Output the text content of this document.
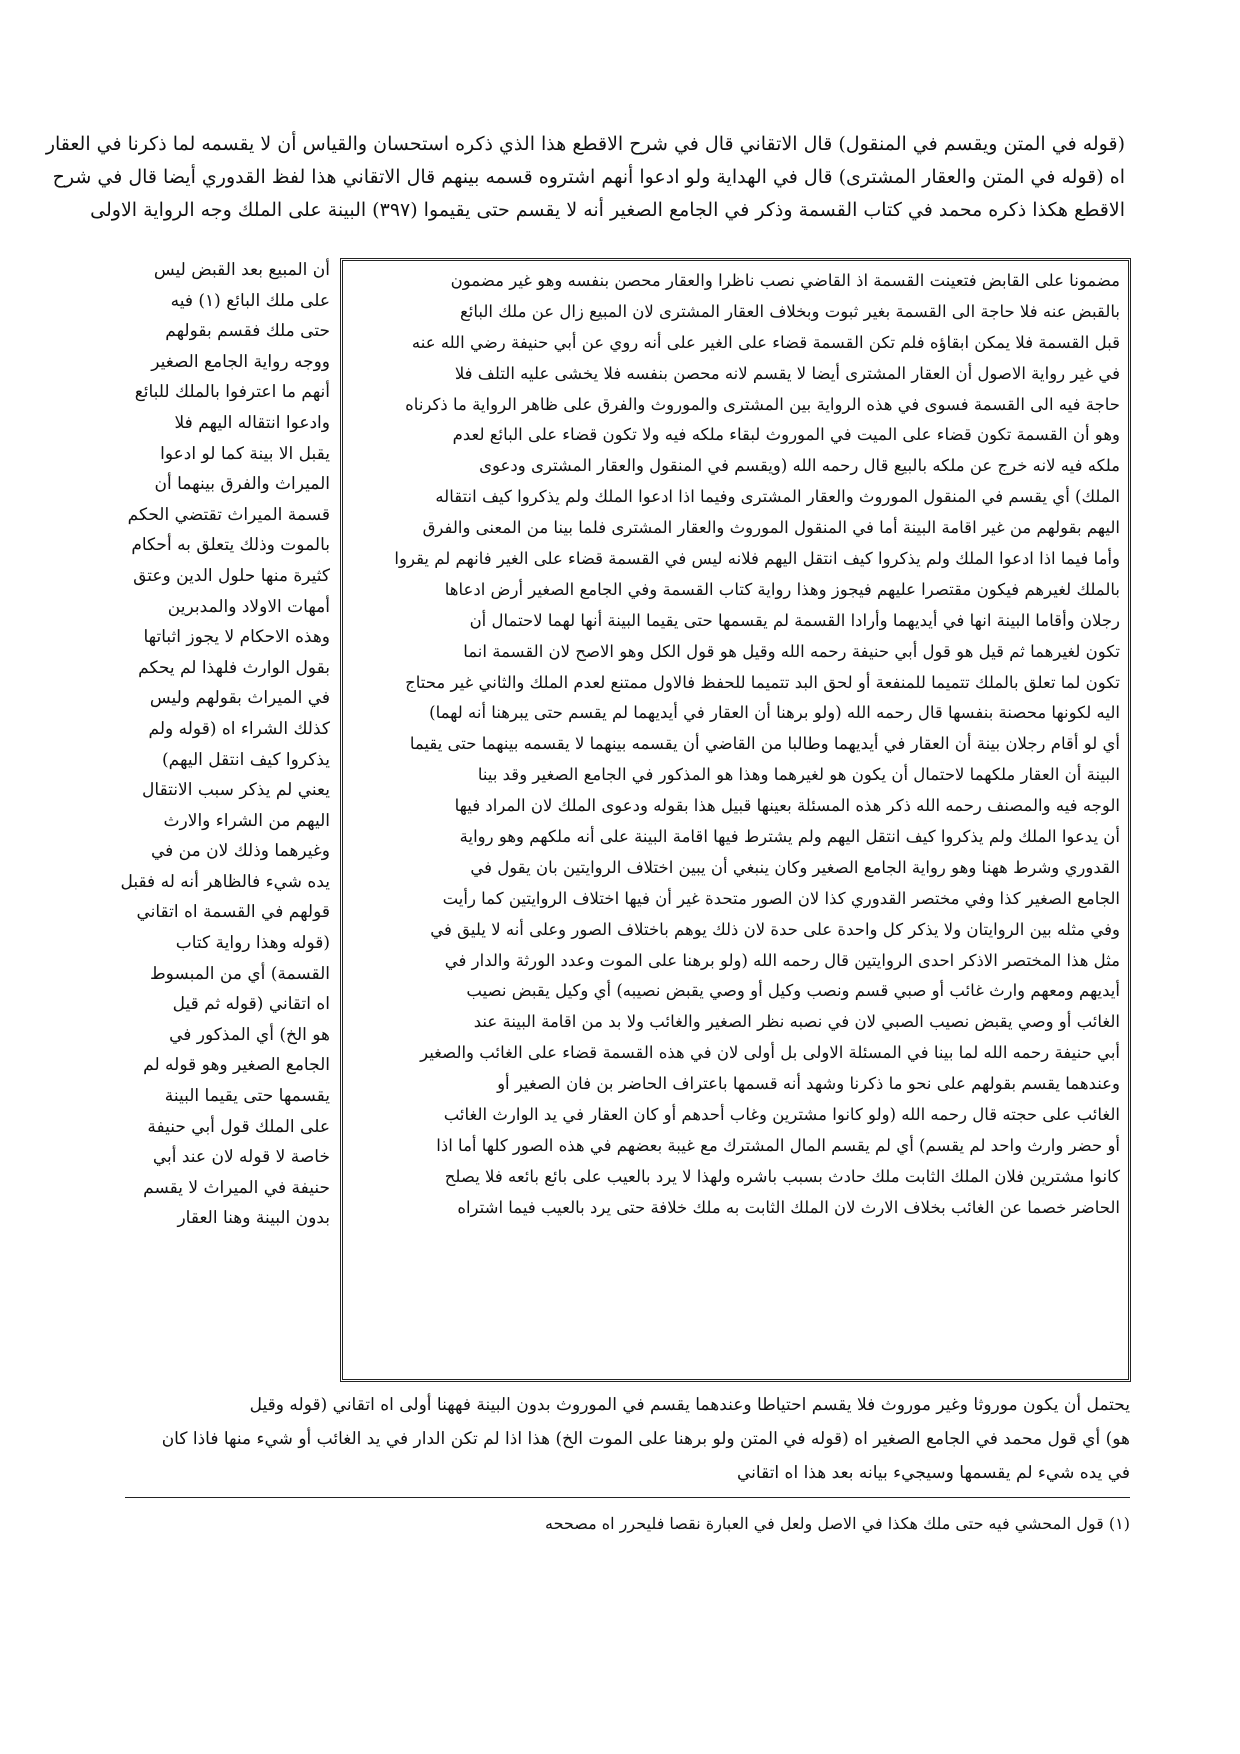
(قوله في المتن ويقسم في المنقول) قال الاتقاني قال في شرح الاقطع هذا الذي ذكره استحسان والقياس أن لا يقسمه لما ذكرنا في العقار
اه (قوله في المتن والعقار المشترى) قال في الهداية ولو ادعوا أنهم اشتروه قسمه بينهم قال الاتقاني هذا لفظ القدوري أيضا قال في شرح
الاقطع هكذا ذكره محمد في كتاب القسمة وذكر في الجامع الصغير أنه لا يقسم حتى يقيموا (٣٩٧) البينة على الملك وجه الرواية الاولى
مضمونا على القابض فتعينت القسمة اذ القاضي نصب ناظرا والعقار محصن بنفسه وهو غير مضمون
بالقبض عنه فلا حاجة الى القسمة بغير ثبوت وبخلاف العقار المشترى لان المبيع زال عن ملك البائع
قبل القسمة فلا يمكن ابقاؤه فلم تكن القسمة قضاء على الغير على أنه روي عن أبي حنيفة رضي الله عنه
في غير رواية الاصول أن العقار المشترى أيضا لا يقسم لانه محصن بنفسه فلا يخشى عليه التلف فلا
حاجة فيه الى القسمة فسوى في هذه الرواية بين المشترى والموروث والفرق على ظاهر الرواية ما ذكرناه
وهو أن القسمة تكون قضاء على الميت في الموروث لبقاء ملكه فيه ولا تكون قضاء على البائع لعدم
ملكه فيه لانه خرج عن ملكه بالبيع قال رحمه الله (ويقسم في المنقول والعقار المشترى ودعوى
الملك) أي يقسم في المنقول الموروث والعقار المشترى وفيما اذا ادعوا الملك ولم يذكروا كيف انتقاله
اليهم بقولهم من غير اقامة البينة أما في المنقول الموروث والعقار المشترى فلما بينا من المعنى والفرق
وأما فيما اذا ادعوا الملك ولم يذكروا كيف انتقل اليهم فلانه ليس في القسمة قضاء على الغير فانهم لم يقروا
بالملك لغيرهم فيكون مقتصرا عليهم فيجوز وهذا رواية كتاب القسمة وفي الجامع الصغير أرض ادعاها
رجلان وأقاما البينة انها في أيديهما وأرادا القسمة لم يقسمها حتى يقيما البينة أنها لهما لاحتمال أن
تكون لغيرهما ثم قيل هو قول أبي حنيفة رحمه الله وقيل هو قول الكل وهو الاصح لان القسمة انما
تكون لما تعلق بالملك تتميما للمنفعة أو لحق البد تتميما للحفظ فالاول ممتنع لعدم الملك والثاني غير محتاج
اليه لكونها محصنة بنفسها قال رحمه الله (ولو برهنا أن العقار في أيديهما لم يقسم حتى يبرهنا أنه لهما)
أي لو أقام رجلان بينة أن العقار في أيديهما وطالبا من القاضي أن يقسمه بينهما لا يقسمه بينهما حتى يقيما
البينة أن العقار ملكهما لاحتمال أن يكون هو لغيرهما وهذا هو المذكور في الجامع الصغير وقد بينا
الوجه فيه والمصنف رحمه الله ذكر هذه المسئلة بعينها قبيل هذا بقوله ودعوى الملك لان المراد فيها
أن يدعوا الملك ولم يذكروا كيف انتقل اليهم ولم يشترط فيها اقامة البينة على أنه ملكهم وهو رواية
القدوري وشرط ههنا وهو رواية الجامع الصغير وكان ينبغي أن يبين اختلاف الروايتين بان يقول في
الجامع الصغير كذا وفي مختصر القدوري كذا لان الصور متحدة غير أن فيها اختلاف الروايتين كما رأيت
وفي مثله بين الروايتان ولا يذكر كل واحدة على حدة لان ذلك يوهم باختلاف الصور وعلى أنه لا يليق في
مثل هذا المختصر الاذكر احدى الروايتين قال رحمه الله (ولو برهنا على الموت وعدد الورثة والدار في
أيديهم ومعهم وارث غائب أو صبي قسم ونصب وكيل أو وصي يقبض نصيبه) أي وكيل يقبض نصيب
الغائب أو وصي يقبض نصيب الصبي لان في نصبه نظر الصغير والغائب ولا بد من اقامة البينة عند
أبي حنيفة رحمه الله لما بينا في المسئلة الاولى بل أولى لان في هذه القسمة قضاء على الغائب والصغير
وعندهما يقسم بقولهم على نحو ما ذكرنا وشهد أنه قسمها باعتراف الحاضر بن فان الصغير أو
الغائب على حجته قال رحمه الله (ولو كانوا مشترين وغاب أحدهم أو كان العقار في يد الوارث الغائب
أو حضر وارث واحد لم يقسم) أي لم يقسم المال المشترك مع غيبة بعضهم في هذه الصور كلها أما اذا
كانوا مشترين فلان الملك الثابت ملك حادث بسبب باشره ولهذا لا يرد بالعيب على بائع بائعه فلا يصلح
الحاضر خصما عن الغائب بخلاف الارث لان الملك الثابت به ملك خلافة حتى يرد بالعيب فيما اشتراه
أن المبيع بعد القبض ليس
على ملك البائع (١) فيه
حتى ملك فقسم بقولهم
ووجه رواية الجامع الصغير
أنهم ما اعترفوا بالملك للبائع
وادعوا انتقاله اليهم فلا
يقبل الا بينة كما لو ادعوا
الميراث والفرق بينهما أن
قسمة الميراث تقتضي الحكم
بالموت وذلك يتعلق به أحكام
كثيرة منها حلول الدين وعتق
أمهات الاولاد والمدبرين
وهذه الاحكام لا يجوز اثباتها
بقول الوارث فلهذا لم يحكم
في الميراث بقولهم وليس
كذلك الشراء اه (قوله ولم
يذكروا كيف انتقل اليهم)
يعني لم يذكر سبب الانتقال
اليهم من الشراء والارث
وغيرهما وذلك لان من في
يده شيء فالظاهر أنه له فقبل
قولهم في القسمة اه اتقاني
(قوله وهذا رواية كتاب
القسمة) أي من المبسوط
اه اتقاني (قوله ثم قيل
هو الخ) أي المذكور في
الجامع الصغير وهو قوله لم
يقسمها حتى يقيما البينة
على الملك قول أبي حنيفة
خاصة لا قوله لان عند أبي
حنيفة في الميراث لا يقسم
بدون البينة وهنا العقار
يحتمل أن يكون موروثا وغير موروث فلا يقسم احتياطا وعندهما يقسم في الموروث بدون البينة فههنا أولى اه اتقاني (قوله وقيل
هو) أي قول محمد في الجامع الصغير اه (قوله في المتن ولو برهنا على الموت الخ) هذا اذا لم تكن الدار في يد الغائب أو شيء منها فاذا كان
في يده شيء لم يقسمها وسيجيء بيانه بعد هذا اه اتقاني
(١) قول المحشي فيه حتى ملك هكذا في الاصل ولعل في العبارة نقصا فليحرر اه مصححه
